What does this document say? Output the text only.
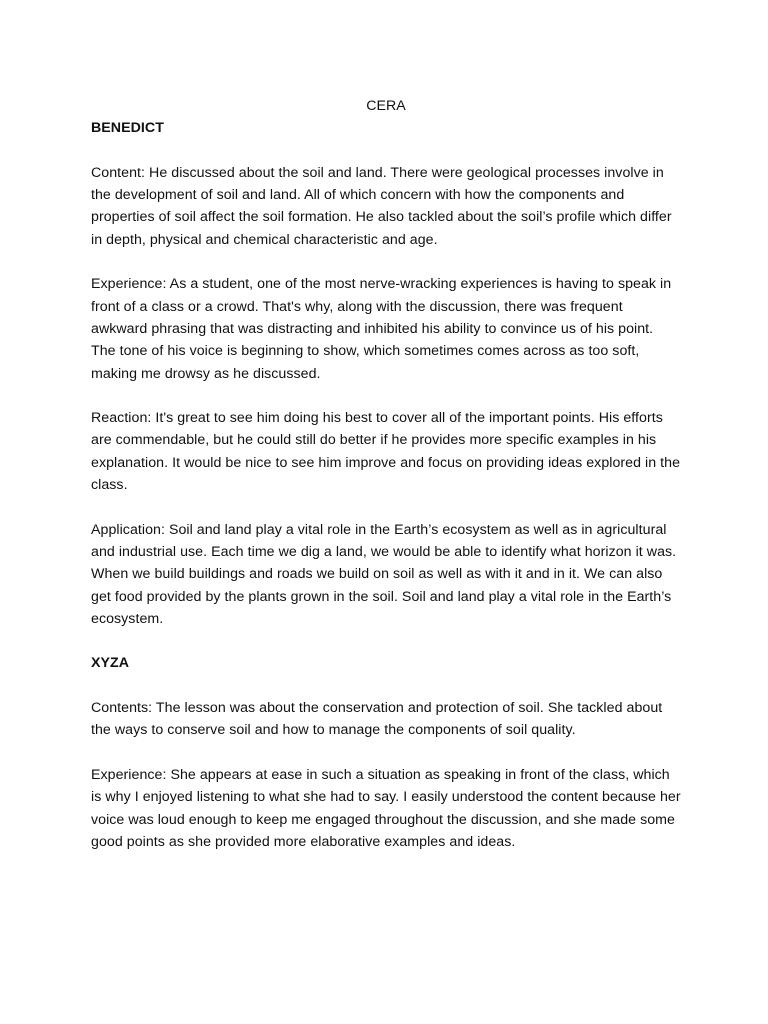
CERA
BENEDICT

Content: He discussed about the soil and land. There were geological processes involve in the development of soil and land. All of which concern with how the components and properties of soil affect the soil formation. He also tackled about the soil’s profile which differ in depth, physical and chemical characteristic and age.

Experience: As a student, one of the most nerve-wracking experiences is having to speak in front of a class or a crowd. That's why, along with the discussion, there was frequent awkward phrasing that was distracting and inhibited his ability to convince us of his point. The tone of his voice is beginning to show, which sometimes comes across as too soft, making me drowsy as he discussed.

Reaction: It's great to see him doing his best to cover all of the important points. His efforts are commendable, but he could still do better if he provides more specific examples in his explanation. It would be nice to see him improve and focus on providing ideas explored in the class.

Application: Soil and land play a vital role in the Earth’s ecosystem as well as in agricultural and industrial use. Each time we dig a land, we would be able to identify what horizon it was. When we build buildings and roads we build on soil as well as with it and in it. We can also get food provided by the plants grown in the soil. Soil and land play a vital role in the Earth’s ecosystem.

XYZA

Contents: The lesson was about the conservation and protection of soil. She tackled about the ways to conserve soil and how to manage the components of soil quality.

Experience: She appears at ease in such a situation as speaking in front of the class, which is why I enjoyed listening to what she had to say. I easily understood the content because her voice was loud enough to keep me engaged throughout the discussion, and she made some good points as she provided more elaborative examples and ideas.
